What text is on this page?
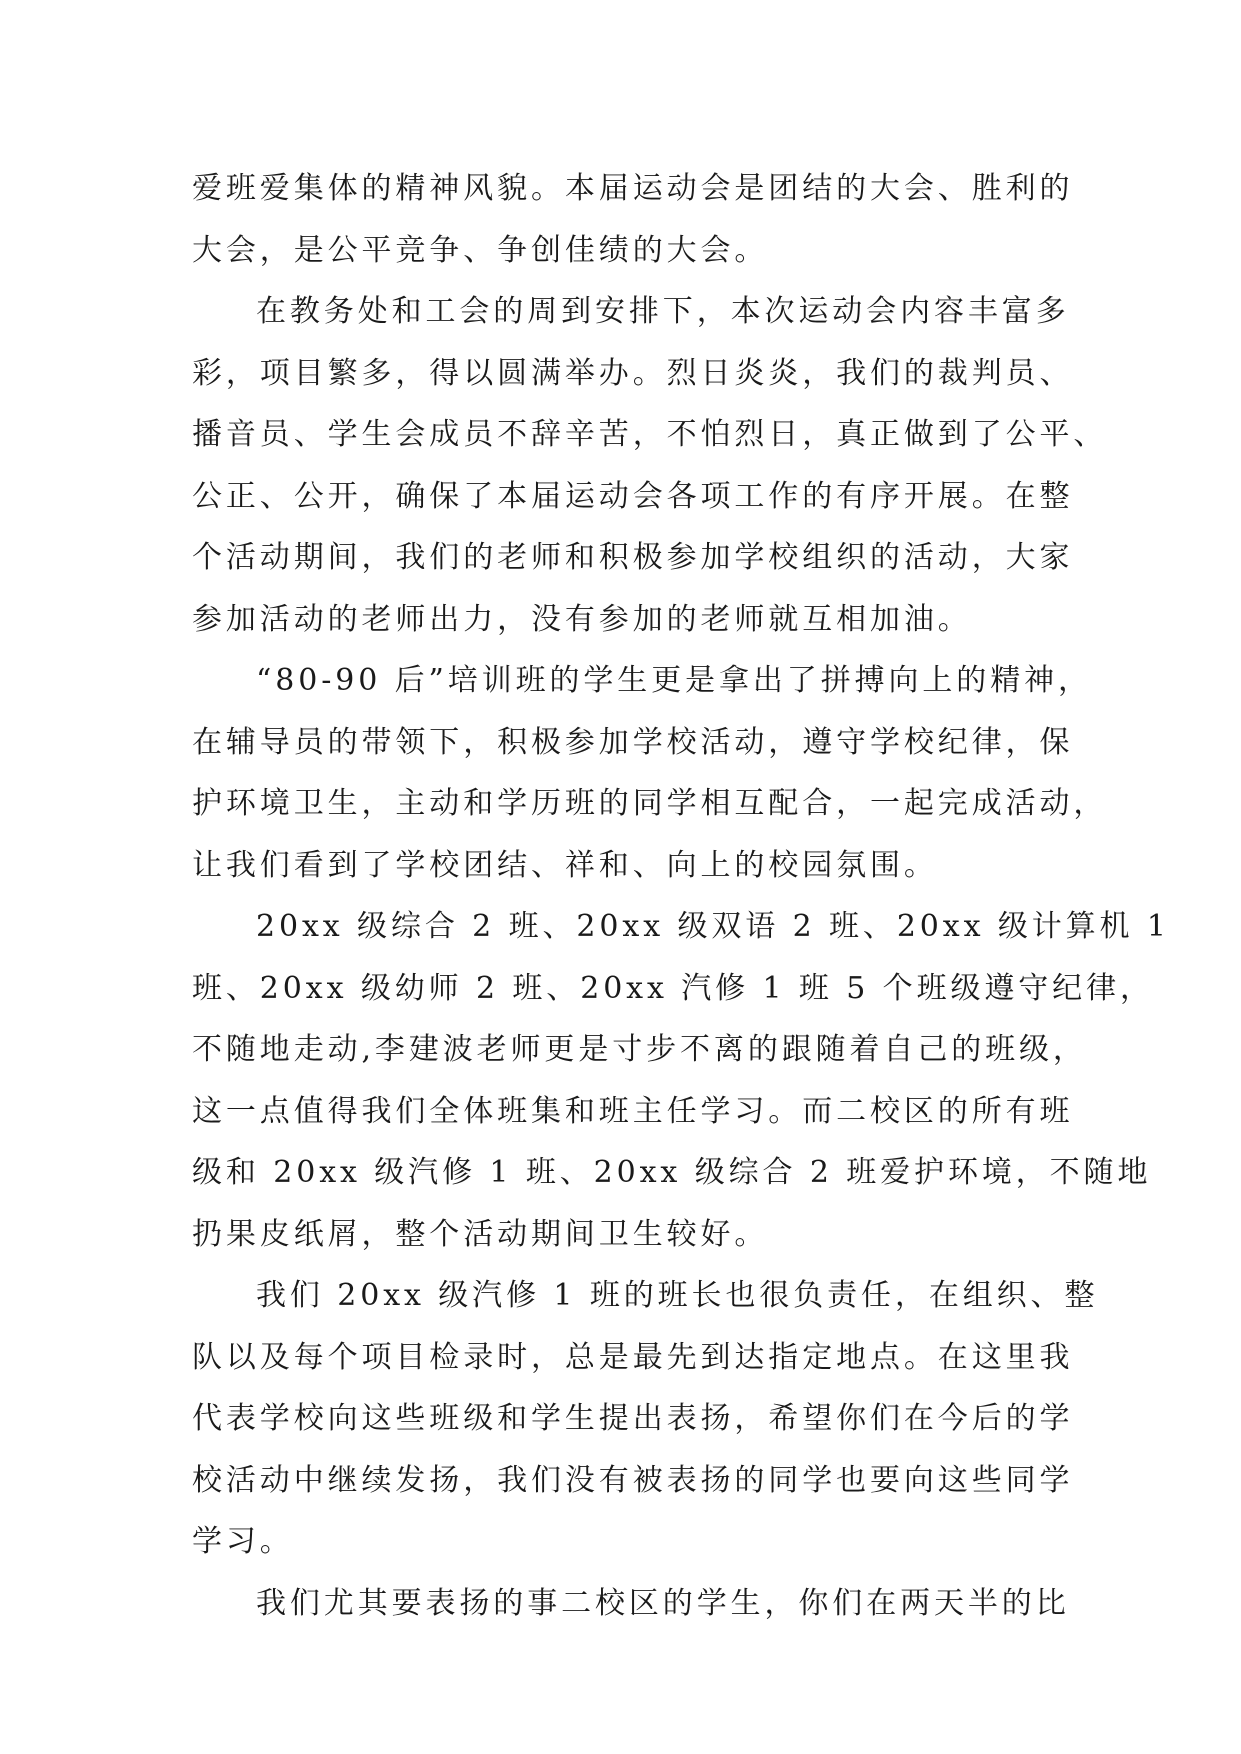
爱班爱集体的精神风貌。本届运动会是团结的大会、胜利的
大会，是公平竞争、争创佳绩的大会。
在教务处和工会的周到安排下，本次运动会内容丰富多
彩，项目繁多，得以圆满举办。烈日炎炎，我们的裁判员、
播音员、学生会成员不辞辛苦，不怕烈日，真正做到了公平、
公正、公开，确保了本届运动会各项工作的有序开展。在整
个活动期间，我们的老师和积极参加学校组织的活动，大家
参加活动的老师出力，没有参加的老师就互相加油。
“80-90 后”培训班的学生更是拿出了拼搏向上的精神，
在辅导员的带领下，积极参加学校活动，遵守学校纪律，保
护环境卫生，主动和学历班的同学相互配合，一起完成活动，
让我们看到了学校团结、祥和、向上的校园氛围。
20xx 级综合 2 班、20xx 级双语 2 班、20xx 级计算机 1
班、20xx 级幼师 2 班、20xx 汽修 1 班 5 个班级遵守纪律，
不随地走动,李建波老师更是寸步不离的跟随着自己的班级，
这一点值得我们全体班集和班主任学习。而二校区的所有班
级和 20xx 级汽修 1 班、20xx 级综合 2 班爱护环境，不随地
扔果皮纸屑，整个活动期间卫生较好。
我们 20xx 级汽修 1 班的班长也很负责任，在组织、整
队以及每个项目检录时，总是最先到达指定地点。在这里我
代表学校向这些班级和学生提出表扬，希望你们在今后的学
校活动中继续发扬，我们没有被表扬的同学也要向这些同学
学习。
我们尤其要表扬的事二校区的学生，你们在两天半的比
